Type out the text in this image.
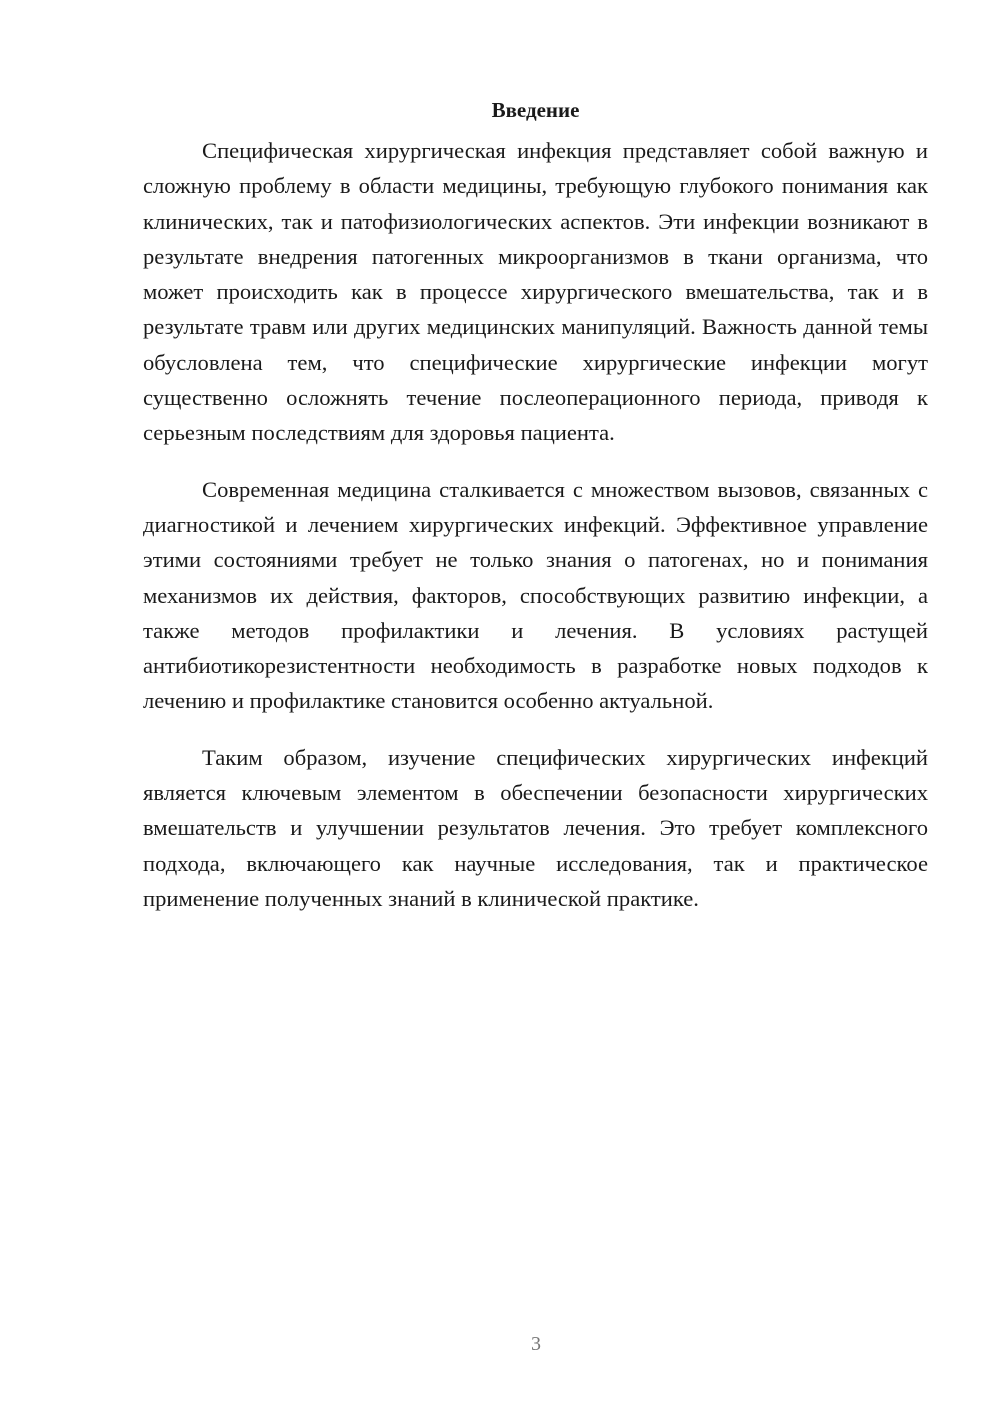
Введение

Специфическая хирургическая инфекция представляет собой важную и сложную проблему в области медицины, требующую глубокого понимания как клинических, так и патофизиологических аспектов. Эти инфекции возникают в результате внедрения патогенных микроорганизмов в ткани организма, что может происходить как в процессе хирургического вмешательства, так и в результате травм или других медицинских манипуляций. Важность данной темы обусловлена тем, что специфические хирургические инфекции могут существенно осложнять течение послеоперационного периода, приводя к серьезным последствиям для здоровья пациента.

Современная медицина сталкивается с множеством вызовов, связанных с диагностикой и лечением хирургических инфекций. Эффективное управление этими состояниями требует не только знания о патогенах, но и понимания механизмов их действия, факторов, способствующих развитию инфекции, а также методов профилактики и лечения. В условиях растущей антибиотикорезистентности необходимость в разработке новых подходов к лечению и профилактике становится особенно актуальной.

Таким образом, изучение специфических хирургических инфекций является ключевым элементом в обеспечении безопасности хирургических вмешательств и улучшении результатов лечения. Это требует комплексного подхода, включающего как научные исследования, так и практическое применение полученных знаний в клинической практике.

3
